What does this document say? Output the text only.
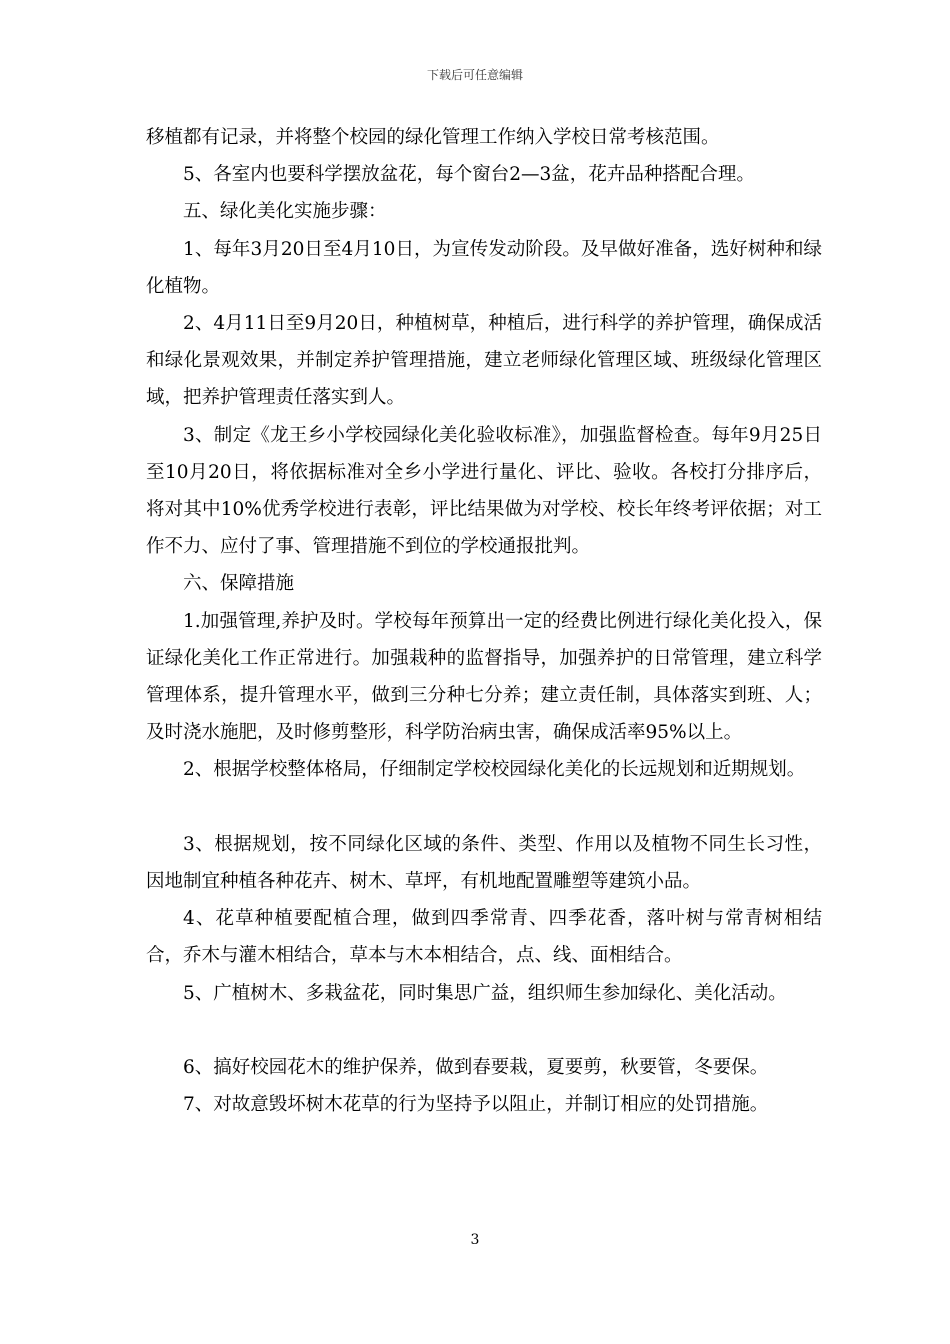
下载后可任意编辑

移植都有记录，并将整个校园的绿化管理工作纳入学校日常考核范围。

5、各室内也要科学摆放盆花，每个窗台2—3盆，花卉品种搭配合理。

五、绿化美化实施步骤：

1、每年3月20日至4月10日，为宣传发动阶段。及早做好准备，选好树种和绿化植物。

2、4月11日至9月20日，种植树草，种植后，进行科学的养护管理，确保成活和绿化景观效果，并制定养护管理措施，建立老师绿化管理区域、班级绿化管理区域，把养护管理责任落实到人。

3、制定《龙王乡小学校园绿化美化验收标准》，加强监督检查。每年9月25日至10月20日，将依据标准对全乡小学进行量化、评比、验收。各校打分排序后，将对其中10%优秀学校进行表彰，评比结果做为对学校、校长年终考评依据；对工作不力、应付了事、管理措施不到位的学校通报批判。

六、保障措施

1.加强管理,养护及时。学校每年预算出一定的经费比例进行绿化美化投入，保证绿化美化工作正常进行。加强栽种的监督指导，加强养护的日常管理，建立科学管理体系，提升管理水平，做到三分种七分养；建立责任制，具体落实到班、人；及时浇水施肥，及时修剪整形，科学防治病虫害，确保成活率95%以上。

2、根据学校整体格局，仔细制定学校校园绿化美化的长远规划和近期规划。

3、根据规划，按不同绿化区域的条件、类型、作用以及植物不同生长习性，因地制宜种植各种花卉、树木、草坪，有机地配置雕塑等建筑小品。

4、花草种植要配植合理，做到四季常青、四季花香，落叶树与常青树相结合，乔木与灌木相结合，草本与木本相结合，点、线、面相结合。

5、广植树木、多栽盆花，同时集思广益，组织师生参加绿化、美化活动。

6、搞好校园花木的维护保养，做到春要栽，夏要剪，秋要管，冬要保。

7、对故意毁坏树木花草的行为坚持予以阻止，并制订相应的处罚措施。

3
